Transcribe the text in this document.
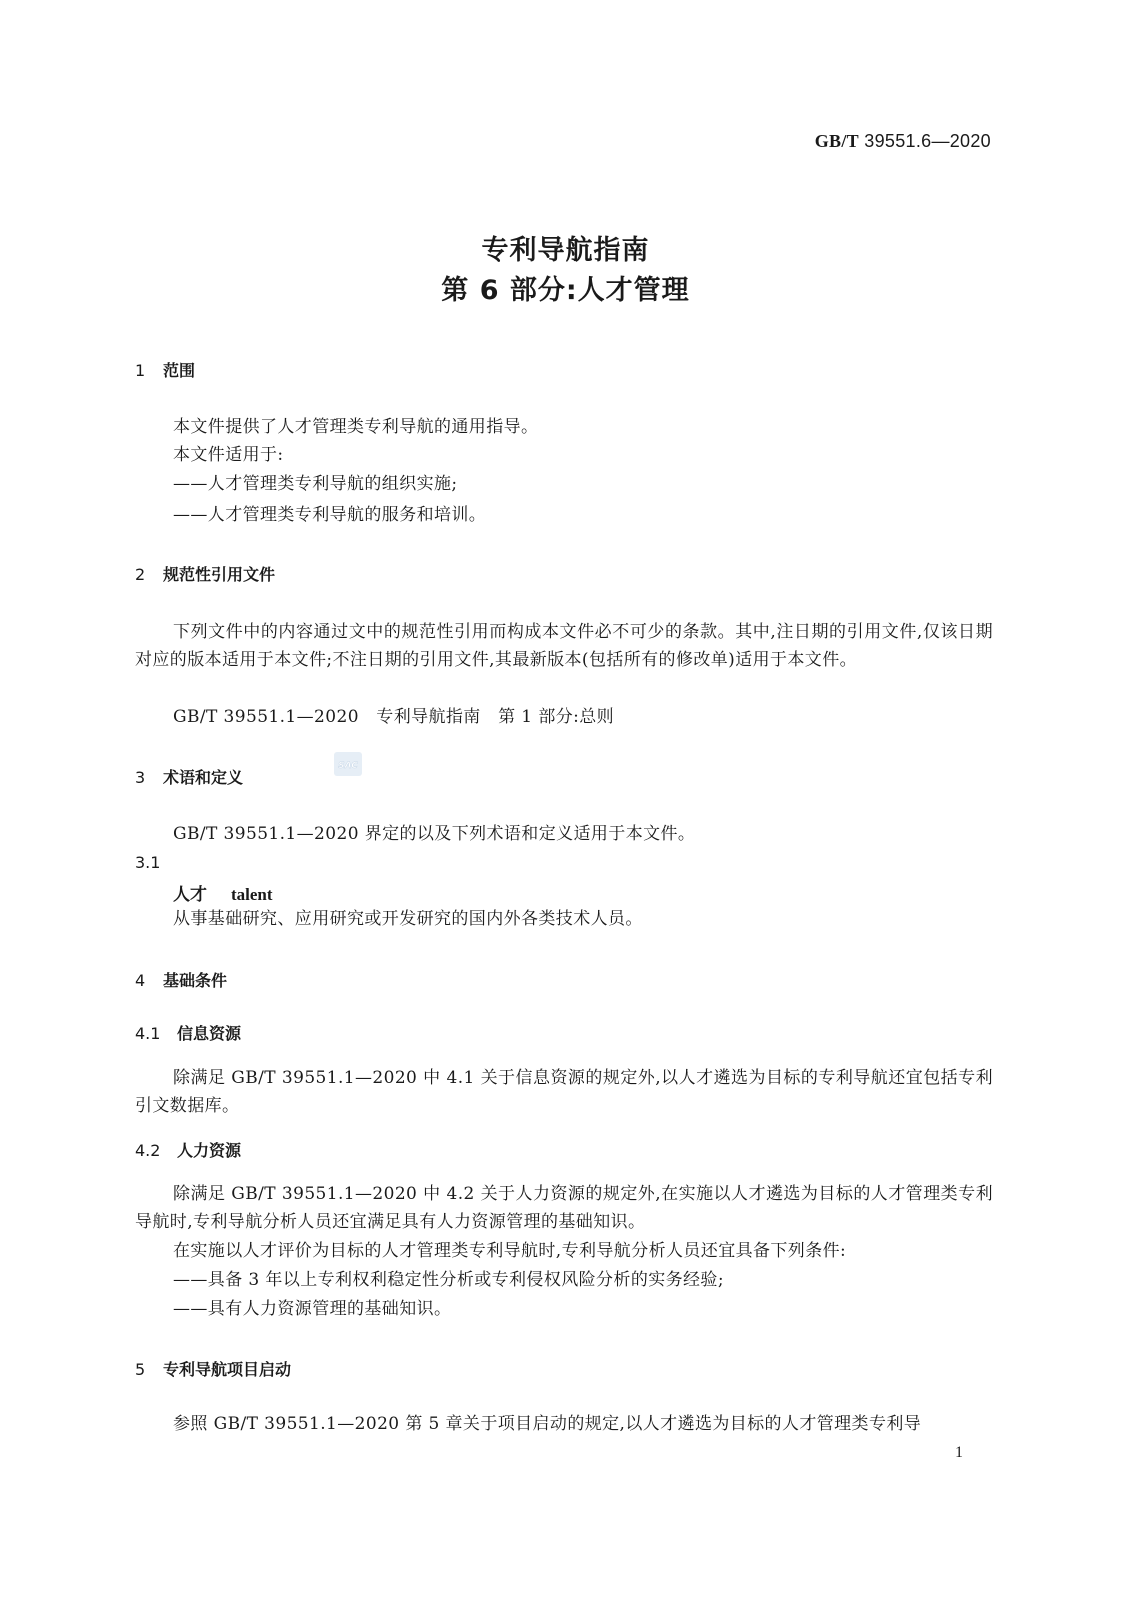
GB/T 39551.6—2020
专利导航指南
第 6 部分:人才管理
1 范围
本文件提供了人才管理类专利导航的通用指导。
本文件适用于:
——人才管理类专利导航的组织实施;
——人才管理类专利导航的服务和培训。
2 规范性引用文件
下列文件中的内容通过文中的规范性引用而构成本文件必不可少的条款。其中,注日期的引用文件,仅该日期对应的版本适用于本文件;不注日期的引用文件,其最新版本(包括所有的修改单)适用于本文件。
GB/T 39551.1—2020　专利导航指南　第 1 部分:总则
3 术语和定义
SAC
GB/T 39551.1—2020 界定的以及下列术语和定义适用于本文件。
3.1
人才 talent
从事基础研究、应用研究或开发研究的国内外各类技术人员。
4 基础条件
4.1 信息资源
除满足 GB/T 39551.1—2020 中 4.1 关于信息资源的规定外,以人才遴选为目标的专利导航还宜包括专利引文数据库。
4.2 人力资源
除满足 GB/T 39551.1—2020 中 4.2 关于人力资源的规定外,在实施以人才遴选为目标的人才管理类专利导航时,专利导航分析人员还宜满足具有人力资源管理的基础知识。
在实施以人才评价为目标的人才管理类专利导航时,专利导航分析人员还宜具备下列条件:
——具备 3 年以上专利权利稳定性分析或专利侵权风险分析的实务经验;
——具有人力资源管理的基础知识。
5 专利导航项目启动
参照 GB/T 39551.1—2020 第 5 章关于项目启动的规定,以人才遴选为目标的人才管理类专利导
1
